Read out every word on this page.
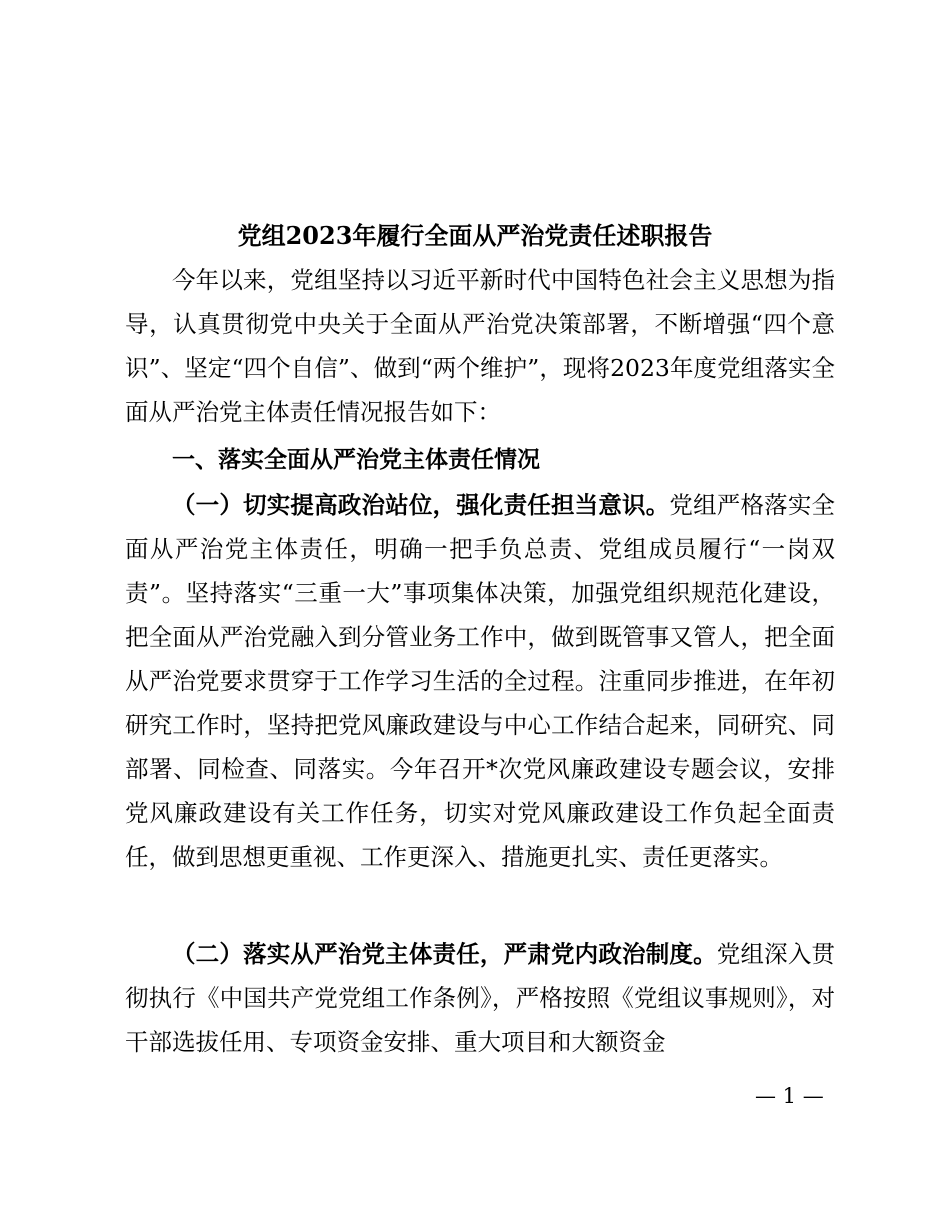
党组2023年履行全面从严治党责任述职报告
今年以来，党组坚持以习近平新时代中国特色社会主义思想为指导，认真贯彻党中央关于全面从严治党决策部署，不断增强“四个意识”、坚定“四个自信”、做到“两个维护”，现将2023年度党组落实全面从严治党主体责任情况报告如下：
一、落实全面从严治党主体责任情况
（一）切实提高政治站位，强化责任担当意识。党组严格落实全面从严治党主体责任，明确一把手负总责、党组成员履行“一岗双责”。坚持落实“三重一大”事项集体决策，加强党组织规范化建设，把全面从严治党融入到分管业务工作中，做到既管事又管人，把全面从严治党要求贯穿于工作学习生活的全过程。注重同步推进，在年初研究工作时，坚持把党风廉政建设与中心工作结合起来，同研究、同部署、同检查、同落实。今年召开*次党风廉政建设专题会议，安排党风廉政建设有关工作任务，切实对党风廉政建设工作负起全面责任，做到思想更重视、工作更深入、措施更扎实、责任更落实。
（二）落实从严治党主体责任，严肃党内政治制度。党组深入贯彻执行《中国共产党党组工作条例》，严格按照《党组议事规则》，对干部选拔任用、专项资金安排、重大项目和大额资金
— 1 —
